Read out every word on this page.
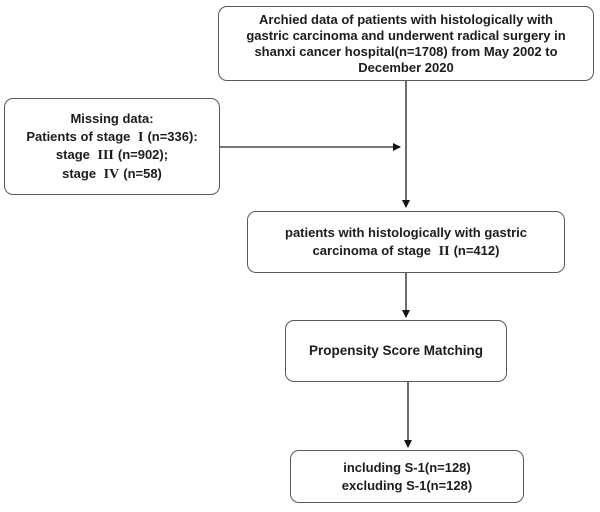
Archied data of patients with histologically with
gastric carcinoma and underwent radical surgery in
shanxi cancer hospital(n=1708) from May 2002 to
December 2020
Missing data:
Patients of stage I (n=336):
stage III (n=902);
stage IV (n=58)
patients with histologically with gastric
carcinoma of stage II (n=412)
Propensity Score Matching
including S-1(n=128)
excluding S-1(n=128)
